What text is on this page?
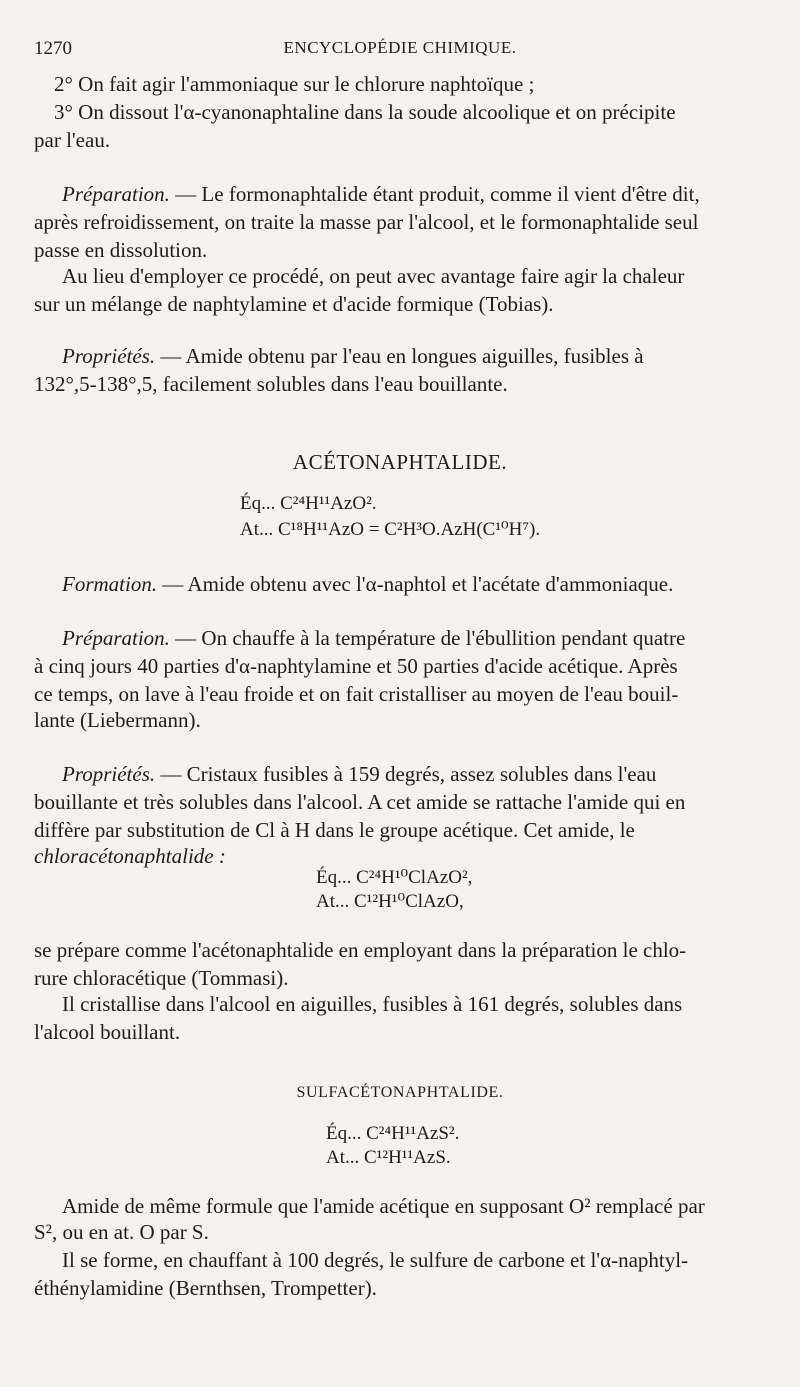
1270	ENCYCLOPÉDIE CHIMIQUE.

2° On fait agir l'ammoniaque sur le chlorure naphtoïque ;

3° On dissout l'α-cyanonaphtaline dans la soude alcoolique et on précipite

par l'eau.

Préparation. — Le formonaphtalide étant produit, comme il vient d'être dit,

après refroidissement, on traite la masse par l'alcool, et le formonaphtalide seul

passe en dissolution.

Au lieu d'employer ce procédé, on peut avec avantage faire agir la chaleur

sur un mélange de naphtylamine et d'acide formique (Tobias).

Propriétés. — Amide obtenu par l'eau en longues aiguilles, fusibles à

132°,5-138°,5, facilement solubles dans l'eau bouillante.

ACÉTONAPHTALIDE.

Éq... C²⁴H¹¹AzO².
At... C¹⁸H¹¹AzO = C²H³O.AzH(C¹⁰H⁷).

Formation. — Amide obtenu avec l'α-naphtol et l'acétate d'ammoniaque.

Préparation. — On chauffe à la température de l'ébullition pendant quatre

à cinq jours 40 parties d'α-naphtylamine et 50 parties d'acide acétique. Après

ce temps, on lave à l'eau froide et on fait cristalliser au moyen de l'eau bouil-

lante (Liebermann).

Propriétés. — Cristaux fusibles à 159 degrés, assez solubles dans l'eau

bouillante et très solubles dans l'alcool. A cet amide se rattache l'amide qui en

diffère par substitution de Cl à H dans le groupe acétique. Cet amide, le

chloracétonaphtalide :

Éq... C²⁴H¹⁰ClAzO²,
At... C¹²H¹⁰ClAzO,

se prépare comme l'acétonaphtalide en employant dans la préparation le chlo-

rure chloracétique (Tommasi).

Il cristallise dans l'alcool en aiguilles, fusibles à 161 degrés, solubles dans

l'alcool bouillant.

SULFACÉTONAPHTALIDE.

Éq... C²⁴H¹¹AzS².
At... C¹²H¹¹AzS.

Amide de même formule que l'amide acétique en supposant O² remplacé par

S², ou en at. O par S.

Il se forme, en chauffant à 100 degrés, le sulfure de carbone et l'α-naphtyl-

éthénylamidine (Bernthsen, Trompetter).
